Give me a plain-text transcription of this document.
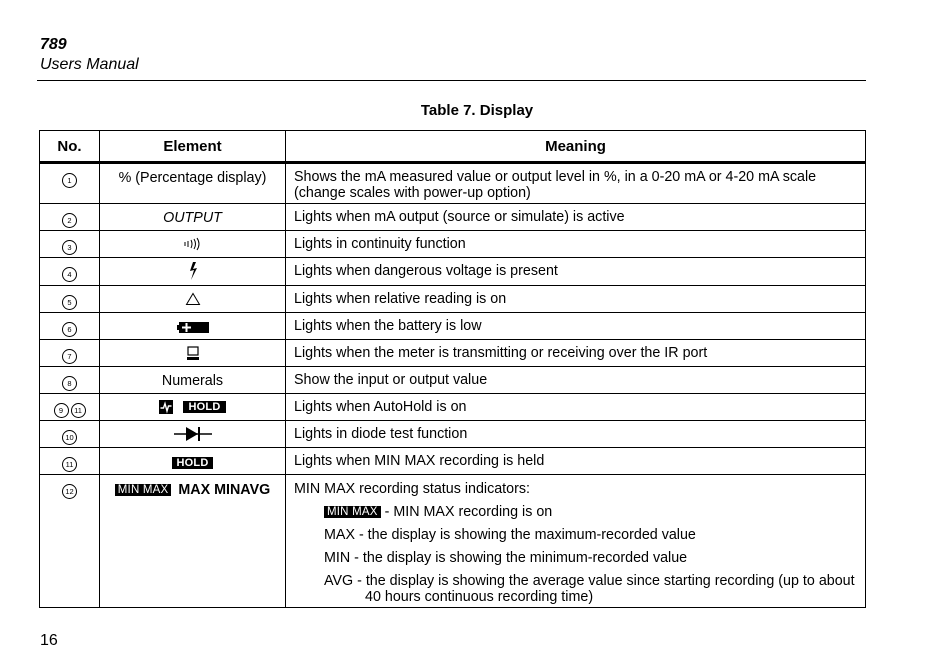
789
Users Manual
Table 7. Display
No.	Element	Meaning
1	% (Percentage display)	Shows the mA measured value or output level in %, in a 0-20 mA or 4-20 mA scale (change scales with power-up option)
2	OUTPUT	Lights when mA output (source or simulate) is active
3		Lights in continuity function
4		Lights when dangerous voltage is present
5		Lights when relative reading is on
6		Lights when the battery is low
7		Lights when the meter is transmitting or receiving over the IR port
8	Numerals	Show the input or output value
9 11	HOLD	Lights when AutoHold is on
10		Lights in diode test function
11	HOLD	Lights when MIN MAX recording is held
12	MIN MAX MAX MINAVG	MIN MAX recording status indicators:
MIN MAX - MIN MAX recording is on
MAX - the display is showing the maximum-recorded value
MIN - the display is showing the minimum-recorded value
AVG - the display is showing the average value since starting recording (up to about 40 hours continuous recording time)
16
